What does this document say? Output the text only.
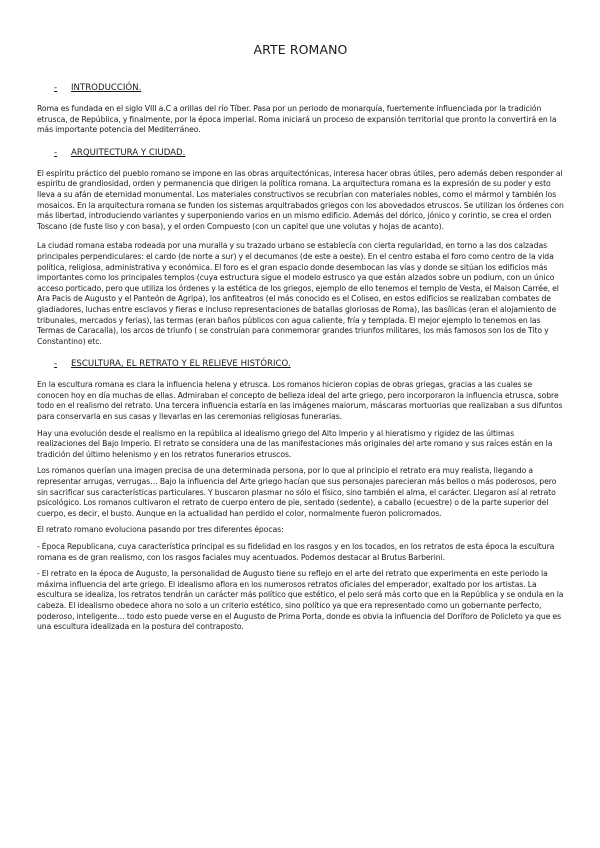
ARTE ROMANO
-	INTRODUCCIÓN.

Roma es fundada en el siglo VIII a.C a orillas del río Tíber. Pasa por un periodo de monarquía, fuertemente influenciada por la tradición etrusca, de República, y finalmente, por la época imperial. Roma iniciará un proceso de expansión territorial que pronto la convertirá en la más importante potencia del Mediterráneo.

-	ARQUITECTURA Y CIUDAD.

El espíritu práctico del pueblo romano se impone en las obras arquitectónicas, interesa hacer obras útiles, pero además deben responder al espíritu de grandiosidad, orden y permanencia que dirigen la política romana. La arquitectura romana es la expresión de su poder y esto lleva a su afán de eternidad monumental. Los materiales constructivos se recubrían con materiales nobles, como el mármol y también los mosaicos. En la arquitectura romana se funden los sistemas arquitrabados griegos con los abovedados etruscos. Se utilizan los órdenes con más libertad, introduciendo variantes y superponiendo varios en un mismo edificio. Además del dórico, jónico y corintio, se crea el orden Toscano (de fuste liso y con basa), y el orden Compuesto (con un capitel que une volutas y hojas de acanto).

La ciudad romana estaba rodeada por una muralla y su trazado urbano se establecía con cierta regularidad, en torno a las dos calzadas principales perpendiculares: el cardo (de norte a sur) y el decumanos (de este a oeste). En el centro estaba el foro como centro de la vida política, religiosa, administrativa y económica. El foro es el gran espacio donde desembocan las vías y donde se sitúan los edificios más importantes como los principales templos (cuya estructura sigue el modelo estrusco ya que están alzados sobre un podium, con un único acceso porticado, pero que utiliza los órdenes y la estética de los griegos, ejemplo de ello tenemos el templo de Vesta, el Maison Carrée, el Ara Pacis de Augusto y el Panteón de Agripa), los anfiteatros (el más conocido es el Coliseo, en estos edificios se realizaban combates de gladiadores, luchas entre esclavos y fieras e incluso representaciones de batallas gloriosas de Roma), las basílicas (eran el alojamiento de tribunales, mercados y ferias), las termas (eran baños públicos con agua caliente, fría y templada. El mejor ejemplo lo tenemos en las Termas de Caracalla), los arcos de triunfo ( se construían para conmemorar grandes triunfos militares, los más famosos son los de Tito y Constantino) etc.

-	ESCULTURA, EL RETRATO Y EL RELIEVE HISTÓRICO.

En la escultura romana es clara la influencia helena y etrusca. Los romanos hicieron copias de obras griegas, gracias a las cuales se conocen hoy en día muchas de ellas. Admiraban el concepto de belleza ideal del arte griego, pero incorporaron la influencia etrusca, sobre todo en el realismo del retrato. Una tercera influencia estaría en las imágenes maiorum, máscaras mortuorias que realizaban a sus difuntos para conservarla en sus casas y llevarlas en las ceremonias religiosas funerarias.

Hay una evolución desde el realismo en la república al idealismo griego del Alto Imperio y al hieratismo y rigidez de las últimas realizaciones del Bajo Imperio. El retrato se considera una de las manifestaciones más originales del arte romano y sus raíces están en la tradición del último helenismo y en los retratos funerarios etruscos.

Los romanos querían una imagen precisa de una determinada persona, por lo que al principio el retrato era muy realista, llegando a representar arrugas, verrugas… Bajo la influencia del Arte griego hacían que sus personajes parecieran más bellos o más poderosos, pero sin sacrificar sus características particulares. Y buscaron plasmar no sólo el físico, sino también el alma, el carácter. Llegaron así al retrato psicológico. Los romanos cultivaron el retrato de cuerpo entero de pie, sentado (sedente), a caballo (ecuestre) o de la parte superior del cuerpo, es decir, el busto. Aunque en la actualidad han perdido el color, normalmente fueron policromados.

El retrato romano evoluciona pasando por tres diferentes épocas:

- Época Republicana, cuya característica principal es su fidelidad en los rasgos y en los tocados, en los retratos de esta época la escultura romana es de gran realismo, con los rasgos faciales muy acentuados. Podemos destacar al Brutus Barberini.

- El retrato en la época de Augusto, la personalidad de Augusto tiene su reflejo en el arte del retrato que experimenta en este periodo la máxima influencia del arte griego. El idealismo aflora en los numerosos retratos oficiales del emperador, exaltado por los artistas. La escultura se idealiza, los retratos tendrán un carácter más político que estético, el pelo será más corto que en la República y se ondula en la cabeza. El idealismo obedece ahora no solo a un criterio estético, sino político ya que era representado como un gobernante perfecto, poderoso, inteligente… todo esto puede verse en el Augusto de Prima Porta, donde es obvia la influencia del Doríforo de Policleto ya que es una escultura idealizada en la postura del contraposto.
